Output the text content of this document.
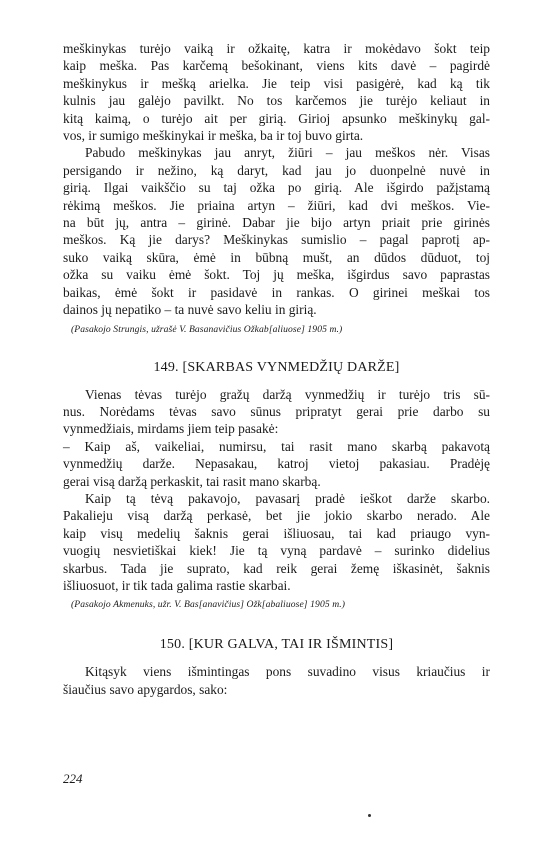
meškinykas turėjo vaiką ir ožkaitę, katra ir mokėdavo šokt teip
kaip meška. Pas karčemą bešokinant, viens kits davė – pagirdė
meškinykus ir mešką arielka. Jie teip visi pasigėrė, kad ką tik
kulnis jau galėjo pavilkt. No tos karčemos jie turėjo keliaut in
kitą kaimą, o turėjo ait per girią. Girioj apsunko meškinykų gal-
vos, ir sumigo meškinykai ir meška, ba ir toj buvo girta.

Pabudo meškinykas jau anryt, žiūri – jau meškos nėr. Visas
persigando ir nežino, ką daryt, kad jau jo duonpelnė nuvė in
girią. Ilgai vaikščio su taj ožka po girią. Ale išgirdo pažįstamą
rėkimą meškos. Jie priaina artyn – žiūri, kad dvi meškos. Vie-
na būt jų, antra – girinė. Dabar jie bijo artyn priait prie girinės
meškos. Ką jie darys? Meškinykas sumislio – pagal paprotį ap-
suko vaiką skūra, ėmė in būbną mušt, an dūdos dūduot, toj
ožka su vaiku ėmė šokt. Toj jų meška, išgirdus savo paprastas
baikas, ėmė šokt ir pasidavė in rankas. O girinei meškai tos
dainos jų nepatiko – ta nuvė savo keliu in girią.

(Pasakojo Strungis, užrašė V. Basanavičius Ožkab[aliuose] 1905 m.)
149. [SKARBAS VYNMEDŽIŲ DARŽE]

Vienas tėvas turėjo gražų daržą vynmedžių ir turėjo tris sū-
nus. Norėdams tėvas savo sūnus pripratyt gerai prie darbo su
vynmedžiais, mirdams jiem teip pasakė:

– Kaip aš, vaikeliai, numirsu, tai rasit mano skarbą pakavotą
vynmedžių darže. Nepasakau, katroj vietoj pakasiau. Pradėję
gerai visą daržą perkaskit, tai rasit mano skarbą.

Kaip tą tėvą pakavojo, pavasarį pradė ieškot darže skarbo.
Pakalieju visą daržą perkasė, bet jie jokio skarbo nerado. Ale
kaip visų medelių šaknis gerai išliuosau, tai kad priaugo vyn-
vuogių nesvietiškai kiek! Jie tą vyną pardavė – surinko didelius
skarbus. Tada jie suprato, kad reik gerai žemę iškasinėt, šaknis
išliuosuot, ir tik tada galima rastie skarbai.

(Pasakojo Akmenuks, užr. V. Bas[anavičius] Ožk[abaliuose] 1905 m.)
150. [KUR GALVA, TAI IR IŠMINTIS]

Kitąsyk viens išmintingas pons suvadino visus kriaučius ir
šiaučius savo apygardos, sako:

224
